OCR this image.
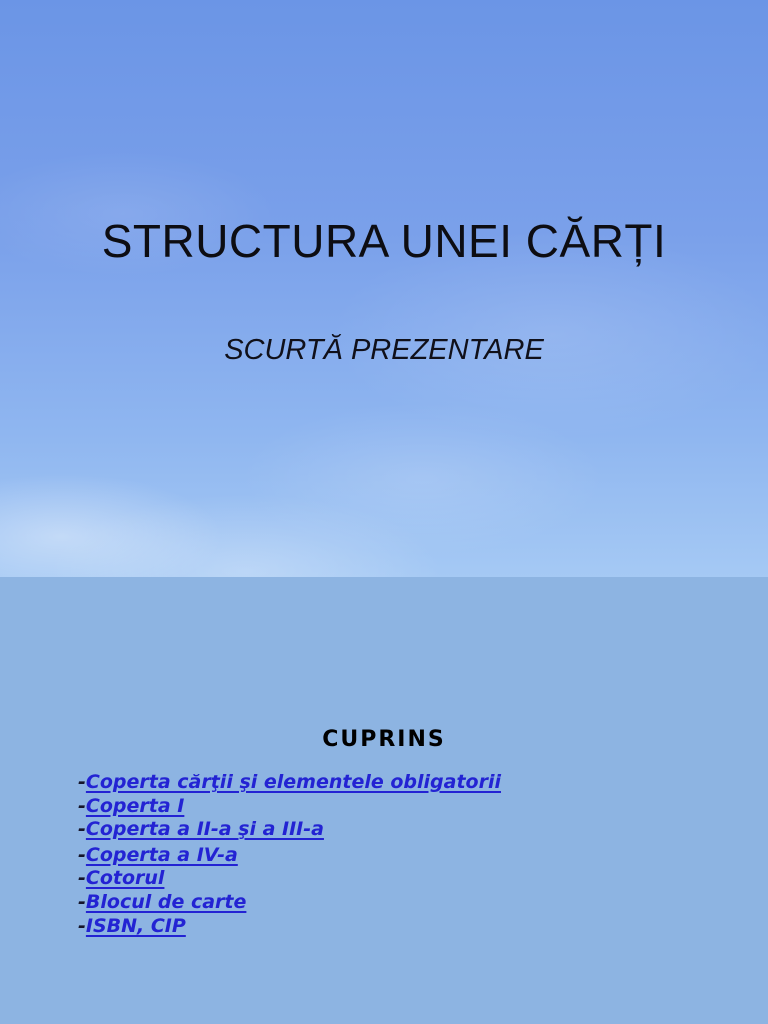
STRUCTURA UNEI CĂRȚI
SCURTĂ PREZENTARE
CUPRINS
-Coperta cărţii şi elementele obligatorii
-Coperta I
-Coperta a II-a şi a III-a
-Coperta a IV-a
-Cotorul
-Blocul de carte
-ISBN, CIP
